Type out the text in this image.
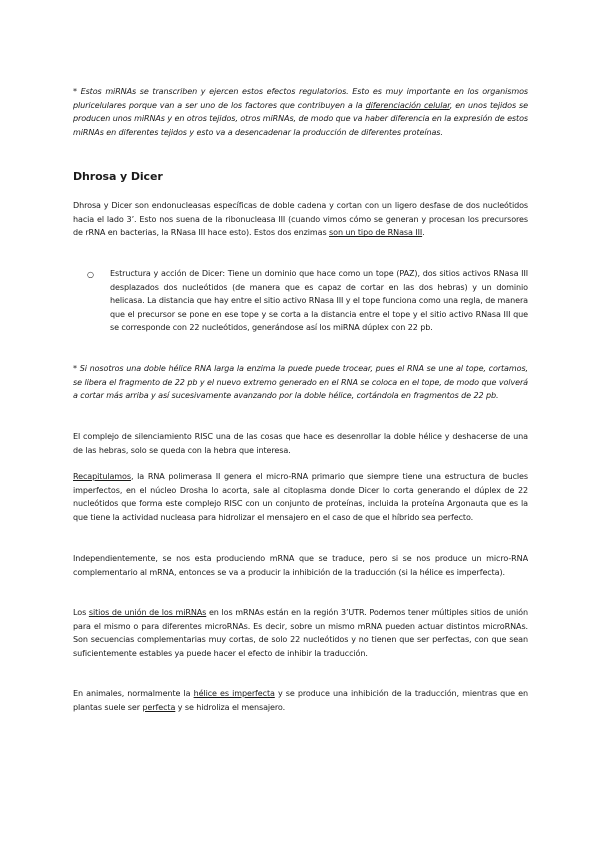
* Estos miRNAs se transcriben y ejercen estos efectos regulatorios. Esto es muy importante en los organismos pluricelulares porque van a ser uno de los factores que contribuyen a la diferenciación celular, en unos tejidos se producen unos miRNAs y en otros tejidos, otros miRNAs, de modo que va haber diferencia en la expresión de estos miRNAs en diferentes tejidos y esto va a desencadenar la producción de diferentes proteínas.

Dhrosa y Dicer

Dhrosa y Dicer son endonucleasas específicas de doble cadena y cortan con un ligero desfase de dos nucleótidos hacia el lado 3’. Esto nos suena de la ribonucleasa III (cuando vimos cómo se generan y procesan los precursores de rRNA en bacterias, la RNasa III hace esto). Estos dos enzimas son un tipo de RNasa III.

○ Estructura y acción de Dicer: Tiene un dominio que hace como un tope (PAZ), dos sitios activos RNasa III desplazados dos nucleótidos (de manera que es capaz de cortar en las dos hebras) y un dominio helicasa. La distancia que hay entre el sitio activo RNasa III y el tope funciona como una regla, de manera que el precursor se pone en ese tope y se corta a la distancia entre el tope y el sitio activo RNasa III que se corresponde con 22 nucleótidos, generándose así los miRNA dúplex con 22 pb.

* Si nosotros una doble hélice RNA larga la enzima la puede puede trocear, pues el RNA se une al tope, cortamos, se libera el fragmento de 22 pb y el nuevo extremo generado en el RNA se coloca en el tope, de modo que volverá a cortar más arriba y así sucesivamente avanzando por la doble hélice, cortándola en fragmentos de 22 pb.

El complejo de silenciamiento RISC una de las cosas que hace es desenrollar la doble hélice y deshacerse de una de las hebras, solo se queda con la hebra que interesa.

Recapitulamos, la RNA polimerasa II genera el micro-RNA primario que siempre tiene una estructura de bucles imperfectos, en el núcleo Drosha lo acorta, sale al citoplasma donde Dicer lo corta generando el dúplex de 22 nucleótidos que forma este complejo RISC con un conjunto de proteínas, incluida la proteína Argonauta que es la que tiene la actividad nucleasa para hidrolizar el mensajero en el caso de que el híbrido sea perfecto.

Independientemente, se nos esta produciendo mRNA que se traduce, pero si se nos produce un micro-RNA complementario al mRNA, entonces se va a producir la inhibición de la traducción (si la hélice es imperfecta).

Los sitios de unión de los miRNAs en los mRNAs están en la región 3’UTR. Podemos tener múltiples sitios de unión para el mismo o para diferentes microRNAs. Es decir, sobre un mismo mRNA pueden actuar distintos microRNAs. Son secuencias complementarias muy cortas, de solo 22 nucleótidos y no tienen que ser perfectas, con que sean suficientemente estables ya puede hacer el efecto de inhibir la traducción.

En animales, normalmente la hélice es imperfecta y se produce una inhibición de la traducción, mientras que en plantas suele ser perfecta y se hidroliza el mensajero.
